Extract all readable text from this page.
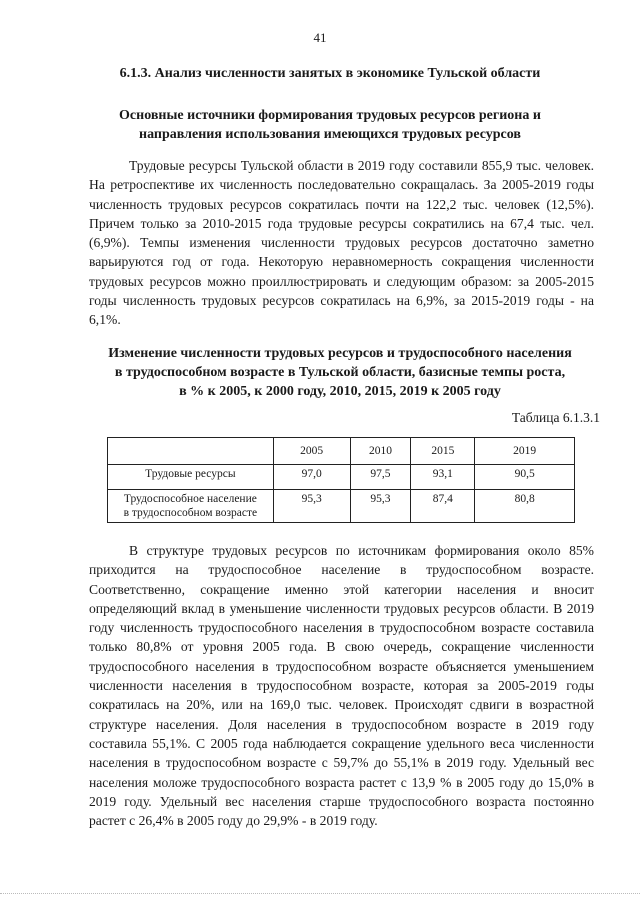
41
6.1.3. Анализ численности занятых в экономике Тульской области
Основные источники формирования трудовых ресурсов региона и
направления использования имеющихся трудовых ресурсов

Трудовые ресурсы Тульской области в 2019 году составили 855,9 тыс. человек. На ретроспективе их численность последовательно сокращалась. За 2005-2019 годы численность трудовых ресурсов сократилась почти на 122,2 тыс. человек (12,5%). Причем только за 2010-2015 года трудовые ресурсы сократились на 67,4 тыс. чел. (6,9%). Темпы изменения численности трудовых ресурсов достаточно заметно варьируются год от года. Некоторую неравномерность сокращения численности трудовых ресурсов можно проиллюстрировать и следующим образом: за 2005-2015 годы численность трудовых ресурсов сократилась на 6,9%, за 2015-2019 годы - на 6,1%.

Изменение численности трудовых ресурсов и трудоспособного населения
в трудоспособном возрасте в Тульской области, базисные темпы роста,
в % к 2005, к 2000 году, 2010, 2015, 2019 к 2005 году
Таблица 6.1.3.1
	2005	2010	2015	2019
Трудовые ресурсы	97,0	97,5	93,1	90,5

Трудоспособное население
в трудоспособном возрасте	95,3	95,3	87,4	80,8

В структуре трудовых ресурсов по источникам формирования около 85% приходится на трудоспособное население в трудоспособном возрасте. Соответственно, сокращение именно этой категории населения и вносит определяющий вклад в уменьшение численности трудовых ресурсов области. В 2019 году численность трудоспособного населения в трудоспособном возрасте составила только 80,8% от уровня 2005 года. В свою очередь, сокращение численности трудоспособного населения в трудоспособном возрасте объясняется уменьшением численности населения в трудоспособном возрасте, которая за 2005-2019 годы сократилась на 20%, или на 169,0 тыс. человек. Происходят сдвиги в возрастной структуре населения. Доля населения в трудоспособном возрасте в 2019 году составила 55,1%. С 2005 года наблюдается сокращение удельного веса численности населения в трудоспособном возрасте с 59,7% до 55,1% в 2019 году. Удельный вес населения моложе трудоспособного возраста растет с 13,9 % в 2005 году до 15,0% в 2019 году. Удельный вес населения старше трудоспособного возраста постоянно растет с 26,4% в 2005 году до 29,9% - в 2019 году.
